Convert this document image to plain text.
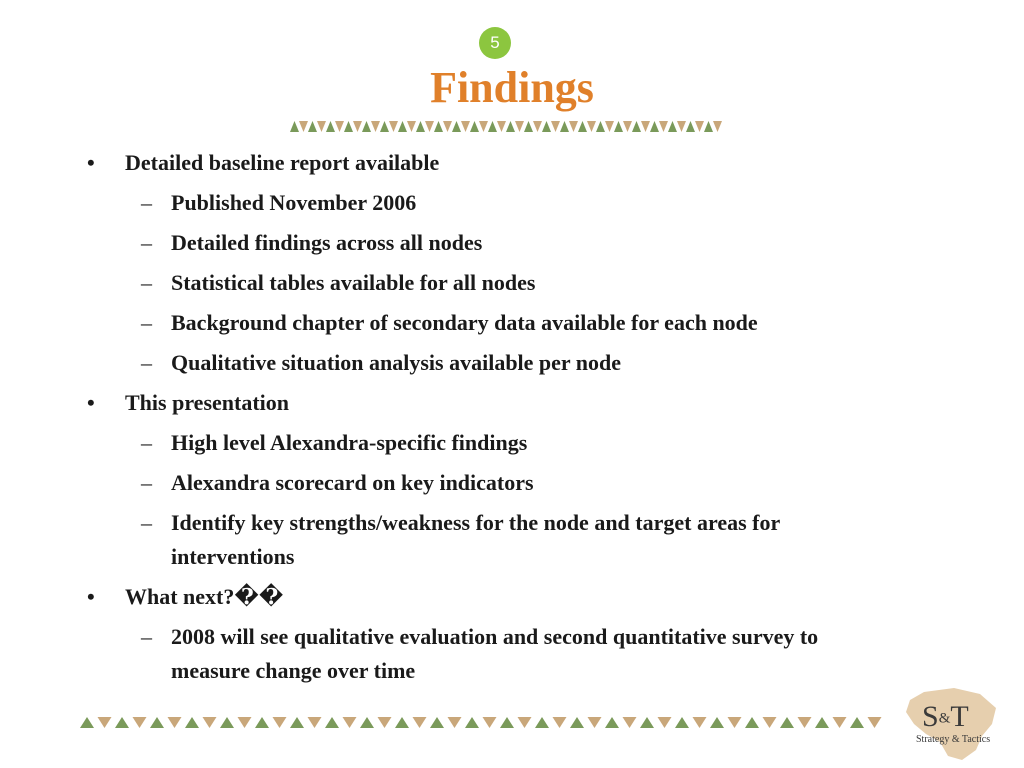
5
Findings
• Detailed baseline report available
– Published November 2006
– Detailed findings across all nodes
– Statistical tables available for all nodes
– Background chapter of secondary data available for each node
– Qualitative situation analysis available per node
• This presentation
– High level Alexandra-specific findings
– Alexandra scorecard on key indicators
– Identify key strengths/weakness for the node and target areas for
interventions
• What next?��
– 2008 will see qualitative evaluation and second quantitative survey to
measure change over time
S&T
Strategy & Tactics
